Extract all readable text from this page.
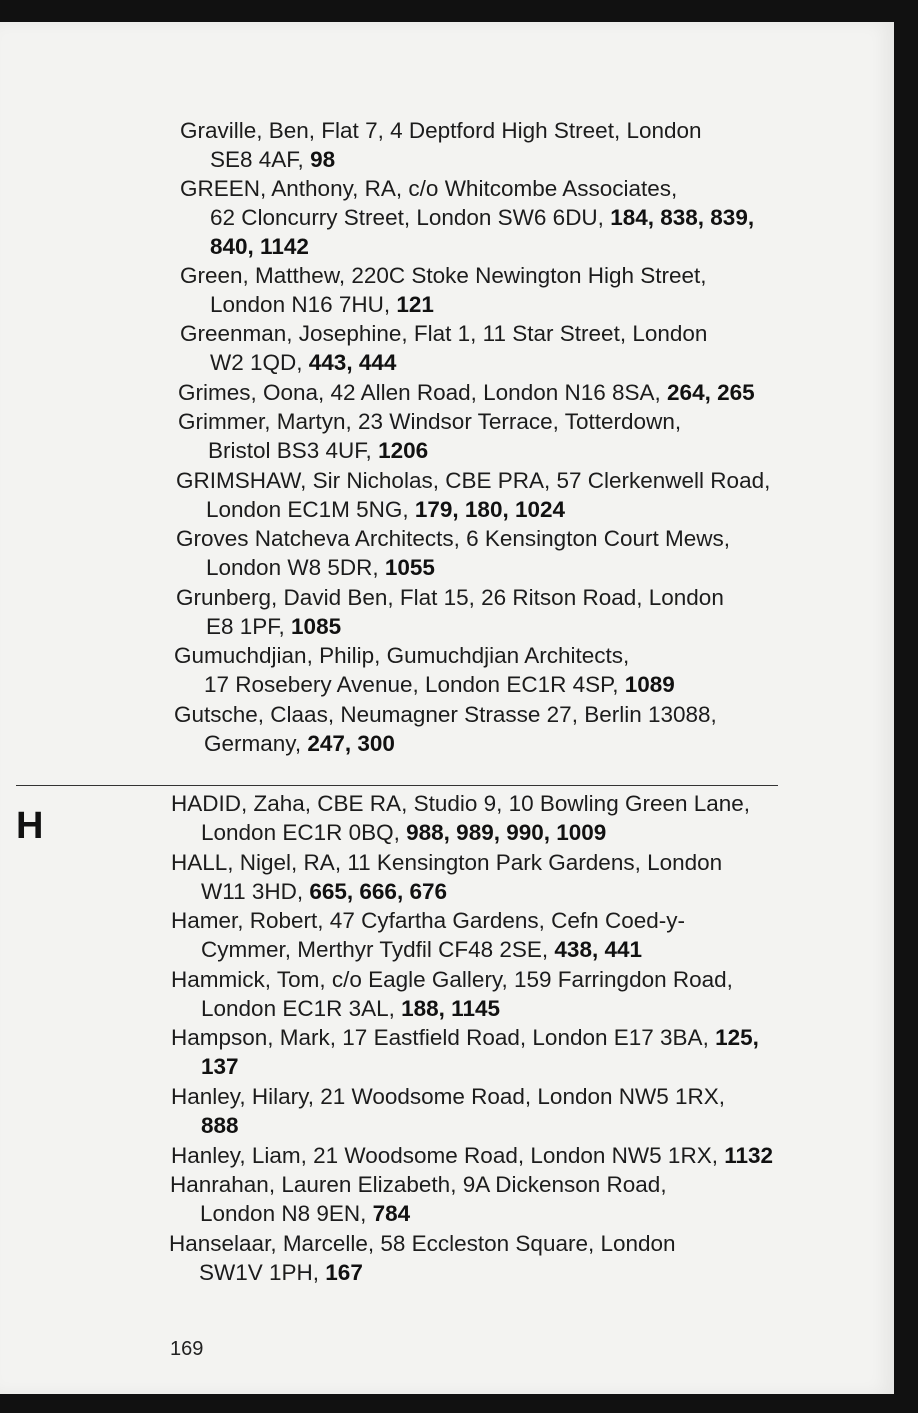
Graville, Ben, Flat 7, 4 Deptford High Street, London
SE8 4AF, 98
GREEN, Anthony, RA, c/o Whitcombe Associates,
62 Cloncurry Street, London SW6 6DU, 184, 838, 839,
840, 1142
Green, Matthew, 220C Stoke Newington High Street,
London N16 7HU, 121
Greenman, Josephine, Flat 1, 11 Star Street, London
W2 1QD, 443, 444
Grimes, Oona, 42 Allen Road, London N16 8SA, 264, 265
Grimmer, Martyn, 23 Windsor Terrace, Totterdown,
Bristol BS3 4UF, 1206
GRIMSHAW, Sir Nicholas, CBE PRA, 57 Clerkenwell Road,
London EC1M 5NG, 179, 180, 1024
Groves Natcheva Architects, 6 Kensington Court Mews,
London W8 5DR, 1055
Grunberg, David Ben, Flat 15, 26 Ritson Road, London
E8 1PF, 1085
Gumuchdjian, Philip, Gumuchdjian Architects,
17 Rosebery Avenue, London EC1R 4SP, 1089
Gutsche, Claas, Neumagner Strasse 27, Berlin 13088,
Germany, 247, 300
H
HADID, Zaha, CBE RA, Studio 9, 10 Bowling Green Lane,
London EC1R 0BQ, 988, 989, 990, 1009
HALL, Nigel, RA, 11 Kensington Park Gardens, London
W11 3HD, 665, 666, 676
Hamer, Robert, 47 Cyfartha Gardens, Cefn Coed-y-
Cymmer, Merthyr Tydfil CF48 2SE, 438, 441
Hammick, Tom, c/o Eagle Gallery, 159 Farringdon Road,
London EC1R 3AL, 188, 1145
Hampson, Mark, 17 Eastfield Road, London E17 3BA, 125,
137
Hanley, Hilary, 21 Woodsome Road, London NW5 1RX,
888
Hanley, Liam, 21 Woodsome Road, London NW5 1RX, 1132
Hanrahan, Lauren Elizabeth, 9A Dickenson Road,
London N8 9EN, 784
Hanselaar, Marcelle, 58 Eccleston Square, London
SW1V 1PH, 167
169
